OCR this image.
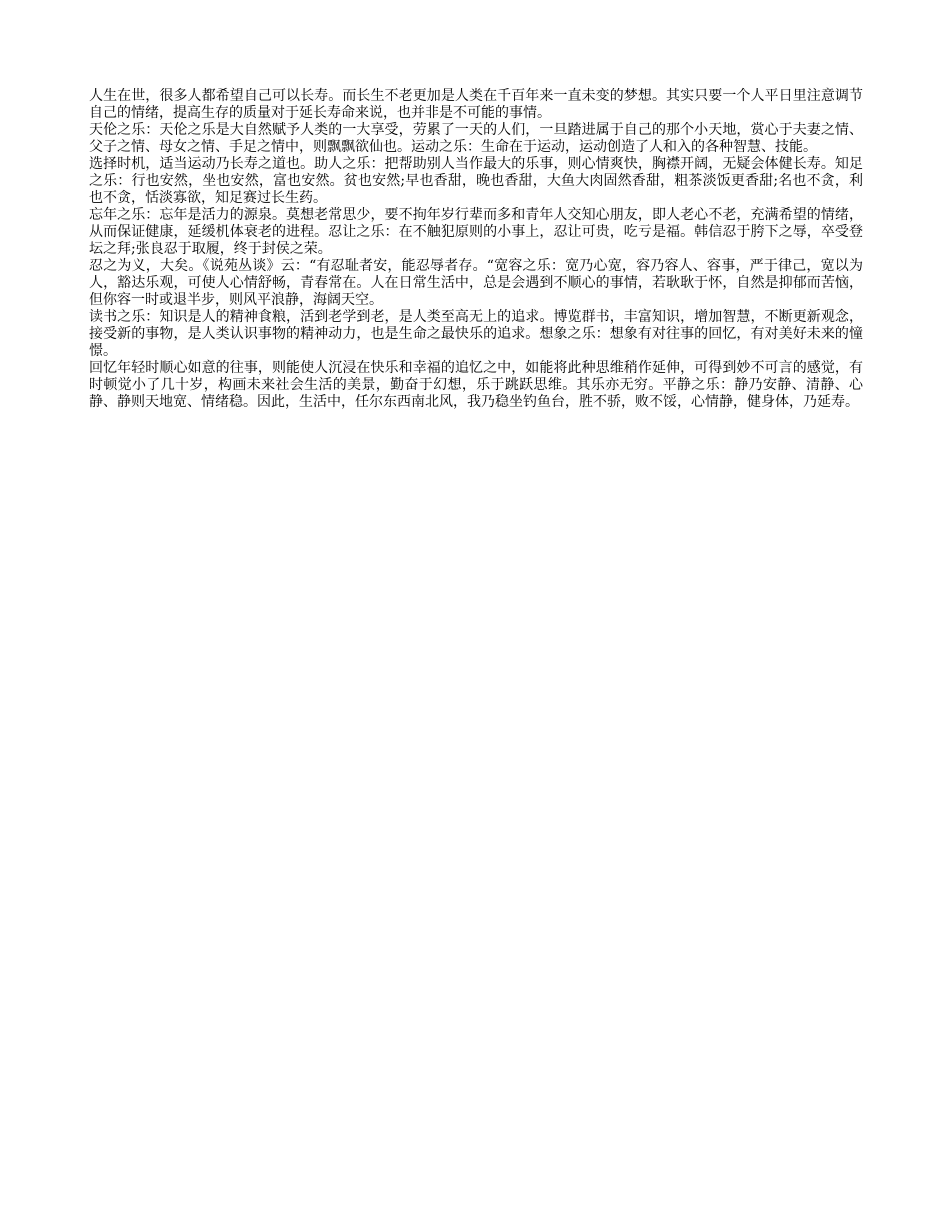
人生在世，很多人都希望自己可以长寿。而长生不老更加是人类在千百年来一直未变的梦想。其实只要一个人平日里注意调节自己的情绪，提高生存的质量对于延长寿命来说，也并非是不可能的事情。

天伦之乐：天伦之乐是大自然赋予人类的一大享受，劳累了一天的人们，一旦踏进属于自己的那个小天地，赏心于夫妻之情、父子之情、母女之情、手足之情中，则飘飘欲仙也。运动之乐：生命在于运动，运动创造了人和入的各种智慧、技能。

选择时机，适当运动乃长寿之道也。助人之乐：把帮助别人当作最大的乐事，则心情爽快，胸襟开阔，无疑会体健长寿。知足之乐：行也安然，坐也安然，富也安然。贫也安然;早也香甜，晚也香甜，大鱼大肉固然香甜，粗茶淡饭更香甜;名也不贪，利也不贪，恬淡寡欲，知足赛过长生药。

忘年之乐：忘年是活力的源泉。莫想老常思少，要不拘年岁行辈而多和青年人交知心朋友，即人老心不老，充满希望的情绪，从而保证健康，延缓机体衰老的进程。忍让之乐：在不触犯原则的小事上，忍让可贵，吃亏是福。韩信忍于胯下之辱，卒受登坛之拜;张良忍于取履，终于封侯之荣。

忍之为义，大矣。《说苑丛谈》云：“有忍耻者安，能忍辱者存。“宽容之乐：宽乃心宽，容乃容人、容事，严于律己，宽以为人，豁达乐观，可使人心情舒畅，青春常在。人在日常生活中，总是会遇到不顺心的事情，若耿耿于怀，自然是抑郁而苦恼，但你容一时或退半步，则风平浪静，海阔天空。

读书之乐：知识是人的精神食粮，活到老学到老，是人类至高无上的追求。博览群书，丰富知识，增加智慧，不断更新观念，接受新的事物，是人类认识事物的精神动力，也是生命之最快乐的追求。想象之乐：想象有对往事的回忆，有对美好未来的憧憬。

回忆年轻时顺心如意的往事，则能使人沉浸在快乐和幸福的追忆之中，如能将此种思维稍作延伸，可得到妙不可言的感觉，有时顿觉小了几十岁，构画未来社会生活的美景，勤奋于幻想，乐于跳跃思维。其乐亦无穷。平静之乐：静乃安静、清静、心静、静则天地宽、情绪稳。因此，生活中，任尔东西南北风，我乃稳坐钓鱼台，胜不骄，败不馁，心情静，健身体，乃延寿。
